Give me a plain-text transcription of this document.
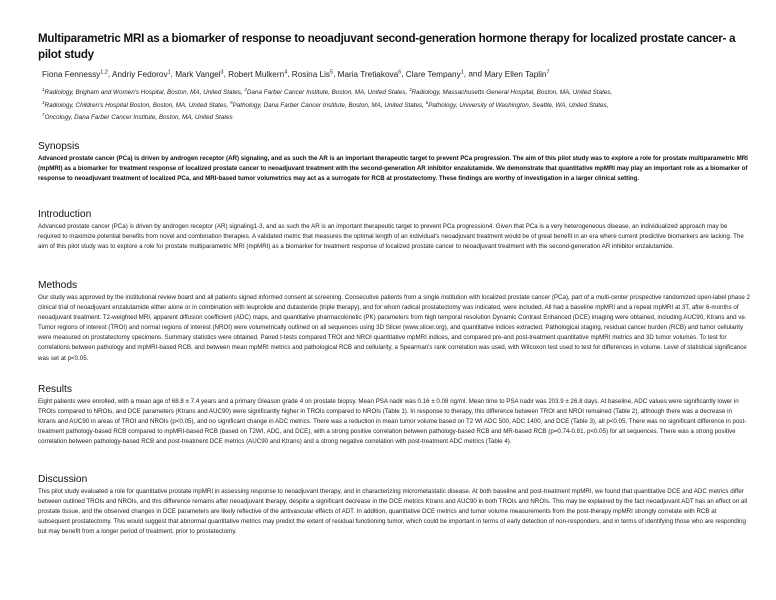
Multiparametric MRI as a biomarker of response to neoadjuvant second-generation hormone therapy for localized prostate cancer- a pilot study
Fiona Fennessy$^{1,2}$, Andriy Fedorov$^1$, Mark Vangel$^3$, Robert Mulkern$^4$, Rosina Lis$^5$, Maria Tretiakova$^6$, Clare Tempany$^1$, and Mary Ellen Taplin$^7$
$^1$Radiology, Brigham and Women's Hospital, Boston, MA, United States, $^2$Dana Farber Cancer Institute, Boston, MA, United States, $^3$Radiology, Massachusetts General Hospital, Boston, MA, United States,
$^4$Radiology, Children's Hospital Boston, Boston, MA, United States, $^5$Pathology, Dana Farber Cancer Institute, Boston, MA, United States, $^6$Pathology, University of Washington, Seattle, WA, United States,
$^7$Oncology, Dana Farber Cancer Institute, Boston, MA, United States
Synopsis

Advanced prostate cancer (PCa) is driven by androgen receptor (AR) signaling, and as such the AR is an important therapeutic target to prevent PCa progression. The aim of this pilot study was to explore a role for prostate multiparametric MRI (mpMRI) as a biomarker for treatment response of localized prostate cancer to neoadjuvant treatment with the second-generation AR inhibitor enzalutamide. We demonstrate that quantitative mpMRI may play an important role as a biomarker of response to neoadjuvant treatment of localized PCa, and MRI-based tumor volumetrics may act as a surrogate for RCB at prostatectomy. These findings are worthy of investigation in a larger clinical setting.

Introduction

Advanced prostate cancer (PCa) is driven by androgen receptor (AR) signaling1-3, and as such the AR is an important therapeutic target to prevent PCa progression4. Given that PCa is a very heterogeneous disease, an individualized approach may be required to maximize potential benefits from novel and combination therapies. A validated metric that measures the optimal length of an individual's neoadjuvant treatment would be of great benefit in an era where current predictive biomarkers are lacking. The aim of this pilot study was to explore a role for prostate multiparametric MRI (mpMRI) as a biomarker for treatment response of localized prostate cancer to neoadjuvant treatment with the second-generation AR inhibitor enzalutamide.

Methods

Our study was approved by the institutional review board and all patients signed informed consent at screening. Consecutive patients from a single institution with localized prostate cancer (PCa), part of a multi-center prospective randomized open-label phase 2 clinical trial of neoadjuvant enzalutamide either alone or in combination with leuprolide and dutasteride (triple therapy), and for whom radical prostatectomy was indicated, were included. All had a baseline mpMRI and a repeat mpMRI at 3T, after 6-months of neoadjuvant treatment. T2-weighted MRI, apparent diffusion coefficient (ADC) maps, and quantitative pharmacokinetic (PK) parameters from high temporal resolution Dynamic Contrast Enhanced (DCE) imaging were obtained, including AUC90, Ktrans and ve. Tumor regions of interest (TROI) and normal regions of interest (NROI) were volumetrically outlined on all sequences using 3D Slicer (www.slicer.org), and quantitative indices extracted. Pathological staging, residual cancer burden (RCB) and tumor cellularity were measured on prostatectomy specimens. Summary statistics were obtained. Paired t-tests compared TROI and NROI quantitative mpMRI indices, and compared pre-and post-treatment quantitative mpMRI metrics and 3D tumor volumes. To test for correlations between pathology and mpMRI-based RCB, and between mean mpMRI metrics and pathological RCB and cellularity, a Spearman's rank correlation was used, with Wilcoxon test used to test for differences in volume. Level of statistical significance was set at p<0.05.

Results

Eight patients were enrolled, with a mean age of 68.8 ± 7.4 years and a primary Gleason grade 4 on prostate biopsy. Mean PSA nadir was 0.16 ± 0.08 ng/ml. Mean time to PSA nadir was 203.9 ± 26.8 days. At baseline, ADC values were significantly lower in TROIs compared to NROIs, and DCE parameters (Ktrans and AUC90) were significantly higher in TROIs compared to NROIs (Table 1). In response to therapy, this difference between TROI and NROI remained (Table 2), although there was a decrease in Ktrans and AUC90 in areas of TROI and NROIs (p<0.05), and no significant change in ADC metrics. There was a reduction in mean tumor volume based on T2 WI ADC 500, ADC 1400, and DCE (Table 3), all p<0.05. There was no significant difference in post-treatment pathology-based RCB compared to mpMRI-based RCB (based on T2WI, ADC, and DCE), with a strong positive correlation between pathology-based RCB and MR-based RCB (p=0.74-0.81, p<0.05) for all sequences. There was a strong positive correlation between pathology-based RCB and post-treatment DCE metrics (AUC90 and Ktrans) and a strong negative correlation with post-treatment ADC metrics (Table 4).

Discussion

This pilot study evaluated a role for quantitative prostate mpMRI in assessing response to neoadjuvant therapy, and in characterizing micrometastatic disease. At both baseline and post-treatment mpMRI, we found that quantitative DCE and ADC metrics differ between outlined TROIs and NROIs, and this difference remains after neoadjuvant therapy, despite a significant decrease in the DCE metrics Ktrans and AUC90 in both TROIs and NROIs. This may be explained by the fact neoadjuvant ADT has an effect on all prostate tissue, and the observed changes in DCE parameters are likely reflective of the antivascular effects of ADT. In addition, quantitative DCE metrics and tumor volume measurements from the post-therapy mpMRI strongly correlate with RCB at subsequent prostatectomy. This would suggest that abnormal quantitative metrics may predict the extent of residual functioning tumor, which could be important in terms of early detection of non-responders, and in terms of identifying those who are responding but may benefit from a longer period of treatment, prior to prostatectomy.
